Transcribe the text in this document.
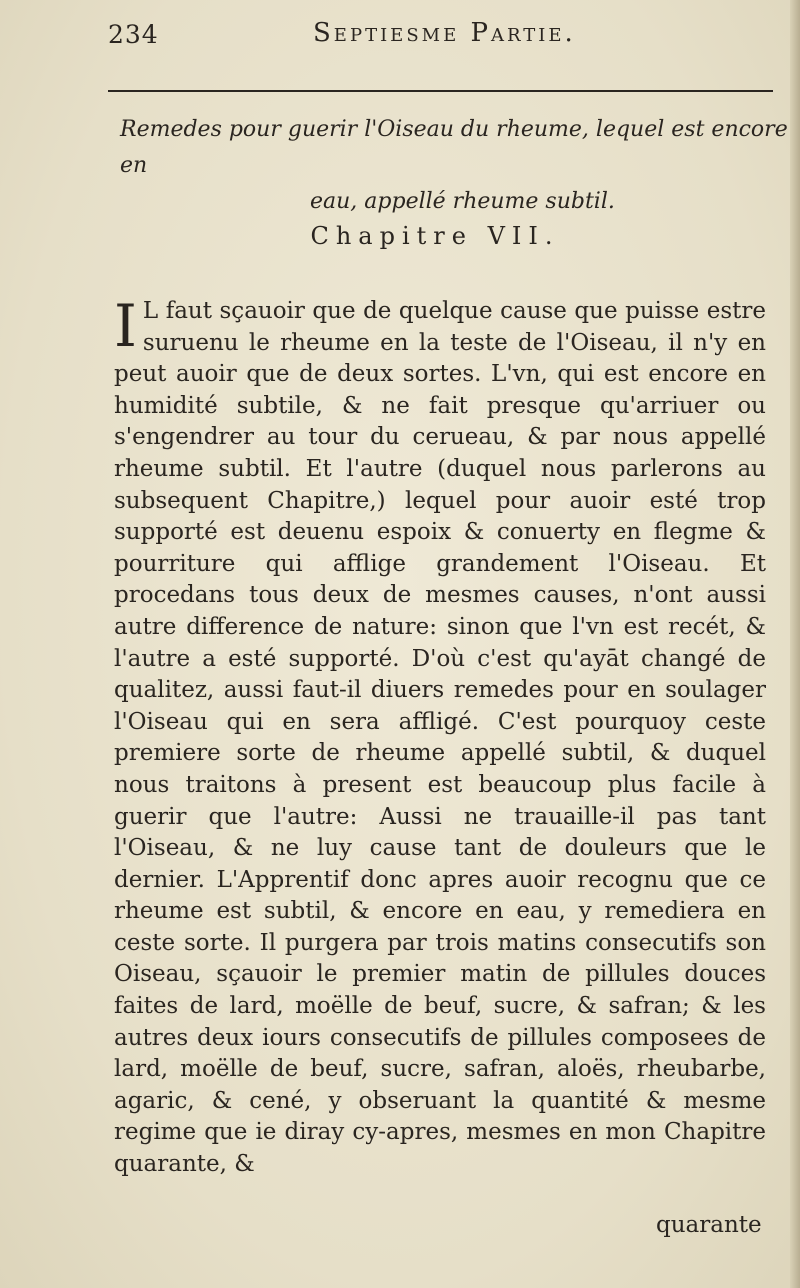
234	Septiesme Partie.
Remedes pour guerir l'Oiseau du rheume, lequel est encore en
eau, appellé rheume subtil.
Chapitre VII.
I L faut sçauoir que de quelque cause que puisse estre suruenu le rheume en la teste de l'Oiseau, il n'y en peut auoir que de deux sortes. L'vn, qui est encore en humidité subtile, & ne fait presque qu'arriuer ou s'engendrer au tour du cerueau, & par nous appellé rheume subtil. Et l'autre (duquel nous parlerons au subsequent Chapitre,) lequel pour auoir esté trop supporté est deuenu espoix & conuerty en flegme & pourriture qui afflige grandement l'Oiseau. Et procedans tous deux de mesmes causes, n'ont aussi autre difference de nature: sinon que l'vn est recét, & l'autre a esté supporté. D'où c'est qu'ayāt changé de qualitez, aussi faut-il diuers remedes pour en soulager l'Oiseau qui en sera affligé. C'est pourquoy ceste premiere sorte de rheume appellé subtil, & duquel nous traitons à present est beaucoup plus facile à guerir que l'autre: Aussi ne trauaille-il pas tant l'Oiseau, & ne luy cause tant de douleurs que le dernier. L'Apprentif donc apres auoir recognu que ce rheume est subtil, & encore en eau, y remediera en ceste sorte. Il purgera par trois matins consecutifs son Oiseau, sçauoir le premier matin de pillules douces faites de lard, moëlle de beuf, sucre, & safran; & les autres deux iours consecutifs de pillules composees de lard, moëlle de beuf, sucre, safran, aloës, rheubarbe, agaric, & cené, y obseruant la quantité & mesme regime que ie diray cy-apres, mesmes en mon Chapitre quarante, &

quarante
